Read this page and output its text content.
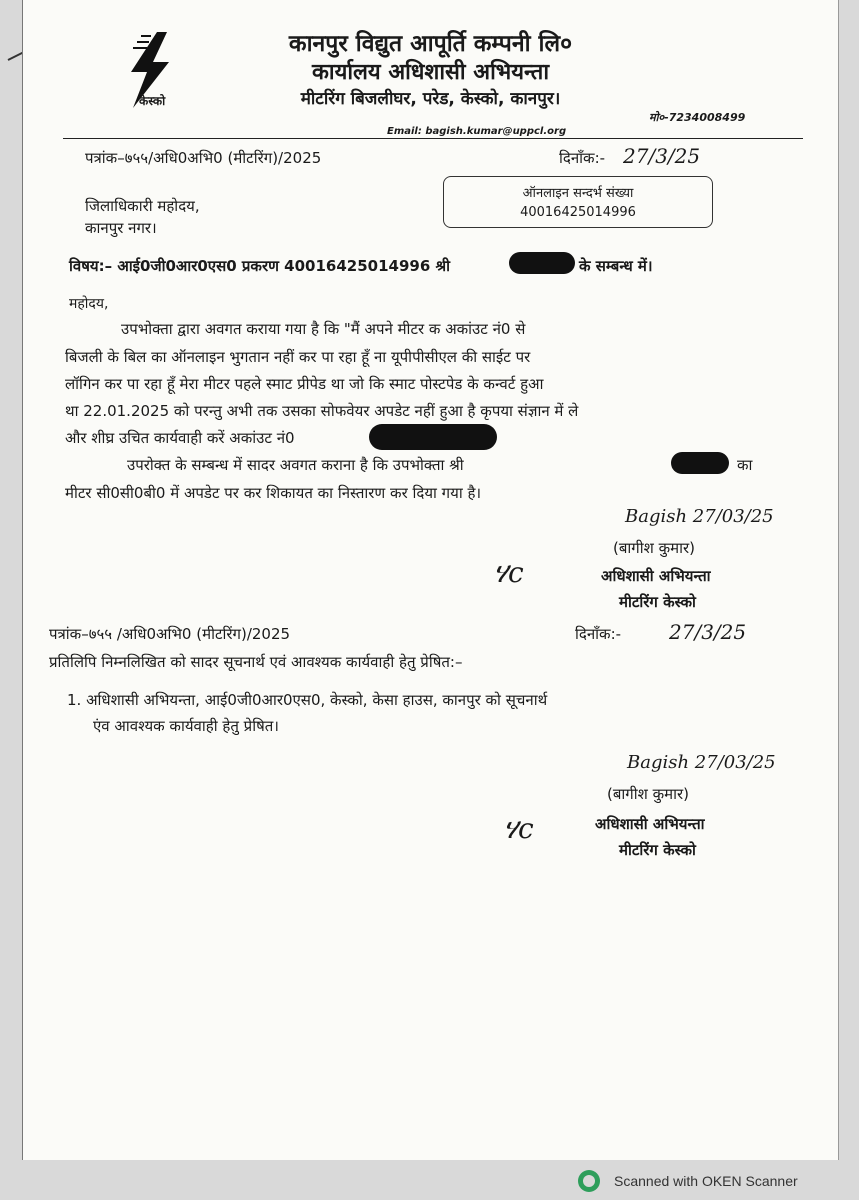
केस्को
कानपुर विद्युत आपूर्ति कम्पनी लि०
कार्यालय अधिशासी अभियन्ता
मीटरिंग बिजलीघर, परेड, केस्को, कानपुर।
मो०-7234008499
Email: bagish.kumar@uppcl.org
पत्रांक–७५५/अधि0अभि0 (मीटरिंग)/2025	दिनाँक:- 27/3/25
जिलाधिकारी महोदय,
कानपुर नगर।
ऑनलाइन सन्दर्भ संख्या
40016425014996
विषय:– आई0जी0आर0एस0 प्रकरण 40016425014996 श्री	के सम्बन्ध में।
महोदय,
उपभोक्ता द्वारा अवगत कराया गया है कि "मैं अपने मीटर क अकांउट नं0 से
बिजली के बिल का ऑनलाइन भुगतान नहीं कर पा रहा हूँ ना यूपीपीसीएल की साईट पर
लॉगिन कर पा रहा हूँ मेरा मीटर पहले स्माट प्रीपेड था जो कि स्माट पोस्टपेड के कन्वर्ट हुआ
था 22.01.2025 को परन्तु अभी तक उसका सोफवेयर अपडेट नहीं हुआ है कृपया संज्ञान में ले
और शीघ्र उचित कार्यवाही करें अकांउट नं0
उपरोक्त के सम्बन्ध में सादर अवगत कराना है कि उपभोक्ता श्री	का
मीटर सी0सी0बी0 में अपडेट पर कर शिकायत का निस्तारण कर दिया गया है।
Bagish 27/03/25
(बागीश कुमार)
ሃc	अधिशासी अभियन्ता
मीटरिंग केस्को
पत्रांक–७५५ /अधि0अभि0 (मीटरिंग)/2025	दिनाँक:- 27/3/25
प्रतिलिपि निम्नलिखित को सादर सूचनार्थ एवं आवश्यक कार्यवाही हेतु प्रेषित:–
1. अधिशासी अभियन्ता, आई0जी0आर0एस0, केस्को, केसा हाउस, कानपुर को सूचनार्थ
एंव आवश्यक कार्यवाही हेतु प्रेषित।
Bagish 27/03/25
(बागीश कुमार)
ሃc	अधिशासी अभियन्ता
मीटरिंग केस्को
Scanned with OKEN Scanner
